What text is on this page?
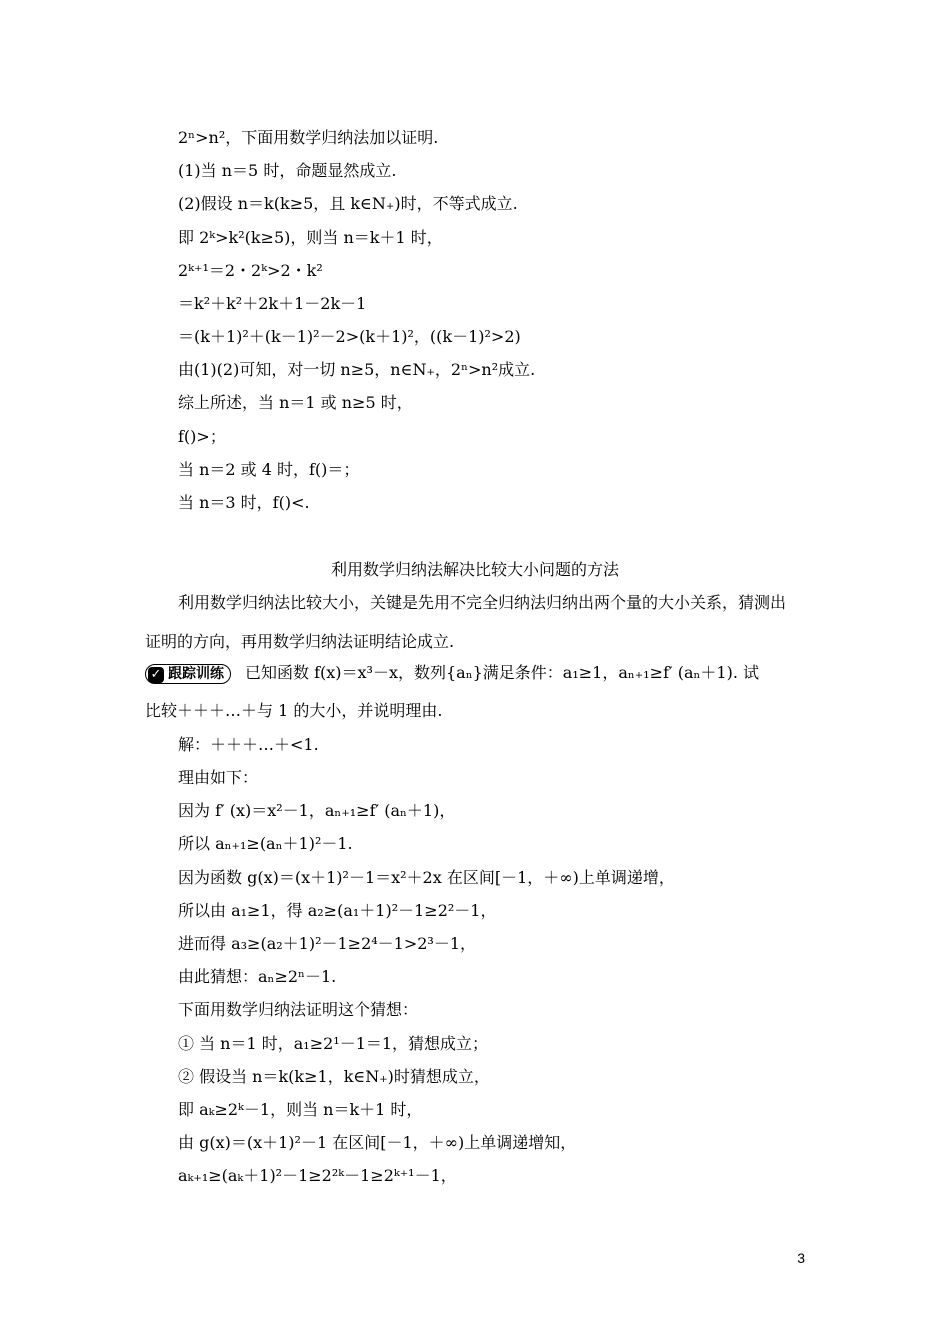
2ⁿ>n²，下面用数学归纳法加以证明.
(1)当 n＝5 时，命题显然成立.
(2)假设 n＝k(k≥5，且 k∈N₊)时，不等式成立.
即 2ᵏ>k²(k≥5)，则当 n＝k＋1 时，
2ᵏ⁺¹＝2・2ᵏ>2・k²
＝k²＋k²＋2k＋1－2k－1
＝(k＋1)²＋(k－1)²－2>(k＋1)²，((k－1)²>2)
由(1)(2)可知，对一切 n≥5，n∈N₊，2ⁿ>n²成立.
综上所述，当 n＝1 或 n≥5 时，
f()>；
当 n＝2 或 4 时，f()＝；
当 n＝3 时，f()<.
利用数学归纳法解决比较大小问题的方法
利用数学归纳法比较大小，关键是先用不完全归纳法归纳出两个量的大小关系，猜测出
证明的方向，再用数学归纳法证明结论成立.
✓ 跟踪训练 已知函数 f(x)＝x³－x，数列{aₙ}满足条件：a₁≥1，aₙ₊₁≥f′ (aₙ＋1). 试
比较＋＋＋…＋与 1 的大小，并说明理由.
解：＋＋＋…＋<1.
理由如下：
因为 f′ (x)＝x²－1，aₙ₊₁≥f′ (aₙ＋1)，
所以 aₙ₊₁≥(aₙ＋1)²－1.
因为函数 g(x)＝(x＋1)²－1＝x²＋2x 在区间[－1，＋∞)上单调递增，
所以由 a₁≥1，得 a₂≥(a₁＋1)²－1≥2²－1，
进而得 a₃≥(a₂＋1)²－1≥2⁴－1>2³－1，
由此猜想：aₙ≥2ⁿ－1.
下面用数学归纳法证明这个猜想：
① 当 n＝1 时，a₁≥2¹－1＝1，猜想成立；
② 假设当 n＝k(k≥1，k∈N₊)时猜想成立，
即 aₖ≥2ᵏ－1，则当 n＝k＋1 时，
由 g(x)＝(x＋1)²－1 在区间[－1，＋∞)上单调递增知，
aₖ₊₁≥(aₖ＋1)²－1≥2²ᵏ－1≥2ᵏ⁺¹－1，
3
